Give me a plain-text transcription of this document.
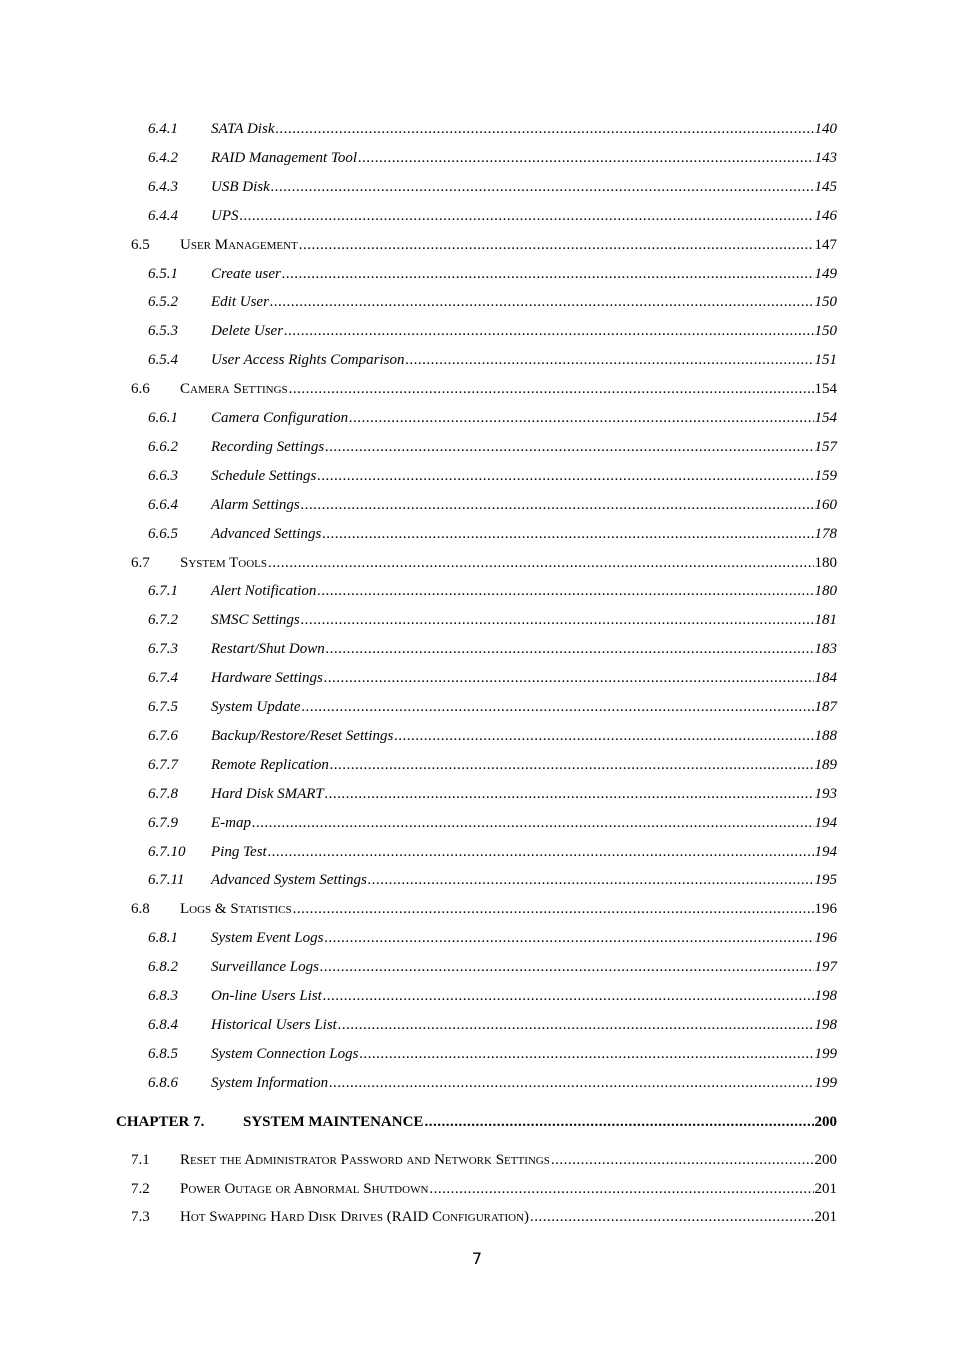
6.4.1 SATA Disk .....	140
6.4.2 RAID Management Tool .....	143
6.4.3 USB Disk .....	145
6.4.4 UPS .....	146
6.5 User Management .....	147
6.5.1 Create user .....	149
6.5.2 Edit User .....	150
6.5.3 Delete User .....	150
6.5.4 User Access Rights Comparison .....	151
6.6 Camera Settings .....	154
6.6.1 Camera Configuration .....	154
6.6.2 Recording Settings .....	157
6.6.3 Schedule Settings .....	159
6.6.4 Alarm Settings .....	160
6.6.5 Advanced Settings .....	178
6.7 System Tools .....	180
6.7.1 Alert Notification .....	180
6.7.2 SMSC Settings .....	181
6.7.3 Restart/Shut Down .....	183
6.7.4 Hardware Settings .....	184
6.7.5 System Update .....	187
6.7.6 Backup/Restore/Reset Settings .....	188
6.7.7 Remote Replication .....	189
6.7.8 Hard Disk SMART .....	193
6.7.9 E-map .....	194
6.7.10 Ping Test .....	194
6.7.11 Advanced System Settings .....	195
6.8 Logs & Statistics .....	196
6.8.1 System Event Logs .....	196
6.8.2 Surveillance Logs .....	197
6.8.3 On-line Users List .....	198
6.8.4 Historical Users List .....	198
6.8.5 System Connection Logs .....	199
6.8.6 System Information .....	199
CHAPTER 7.	SYSTEM MAINTENANCE .....	200
7.1 Reset the Administrator Password and Network Settings .....	200
7.2 Power Outage or Abnormal Shutdown .....	201
7.3 Hot Swapping Hard Disk Drives (RAID Configuration) .....	201
7
